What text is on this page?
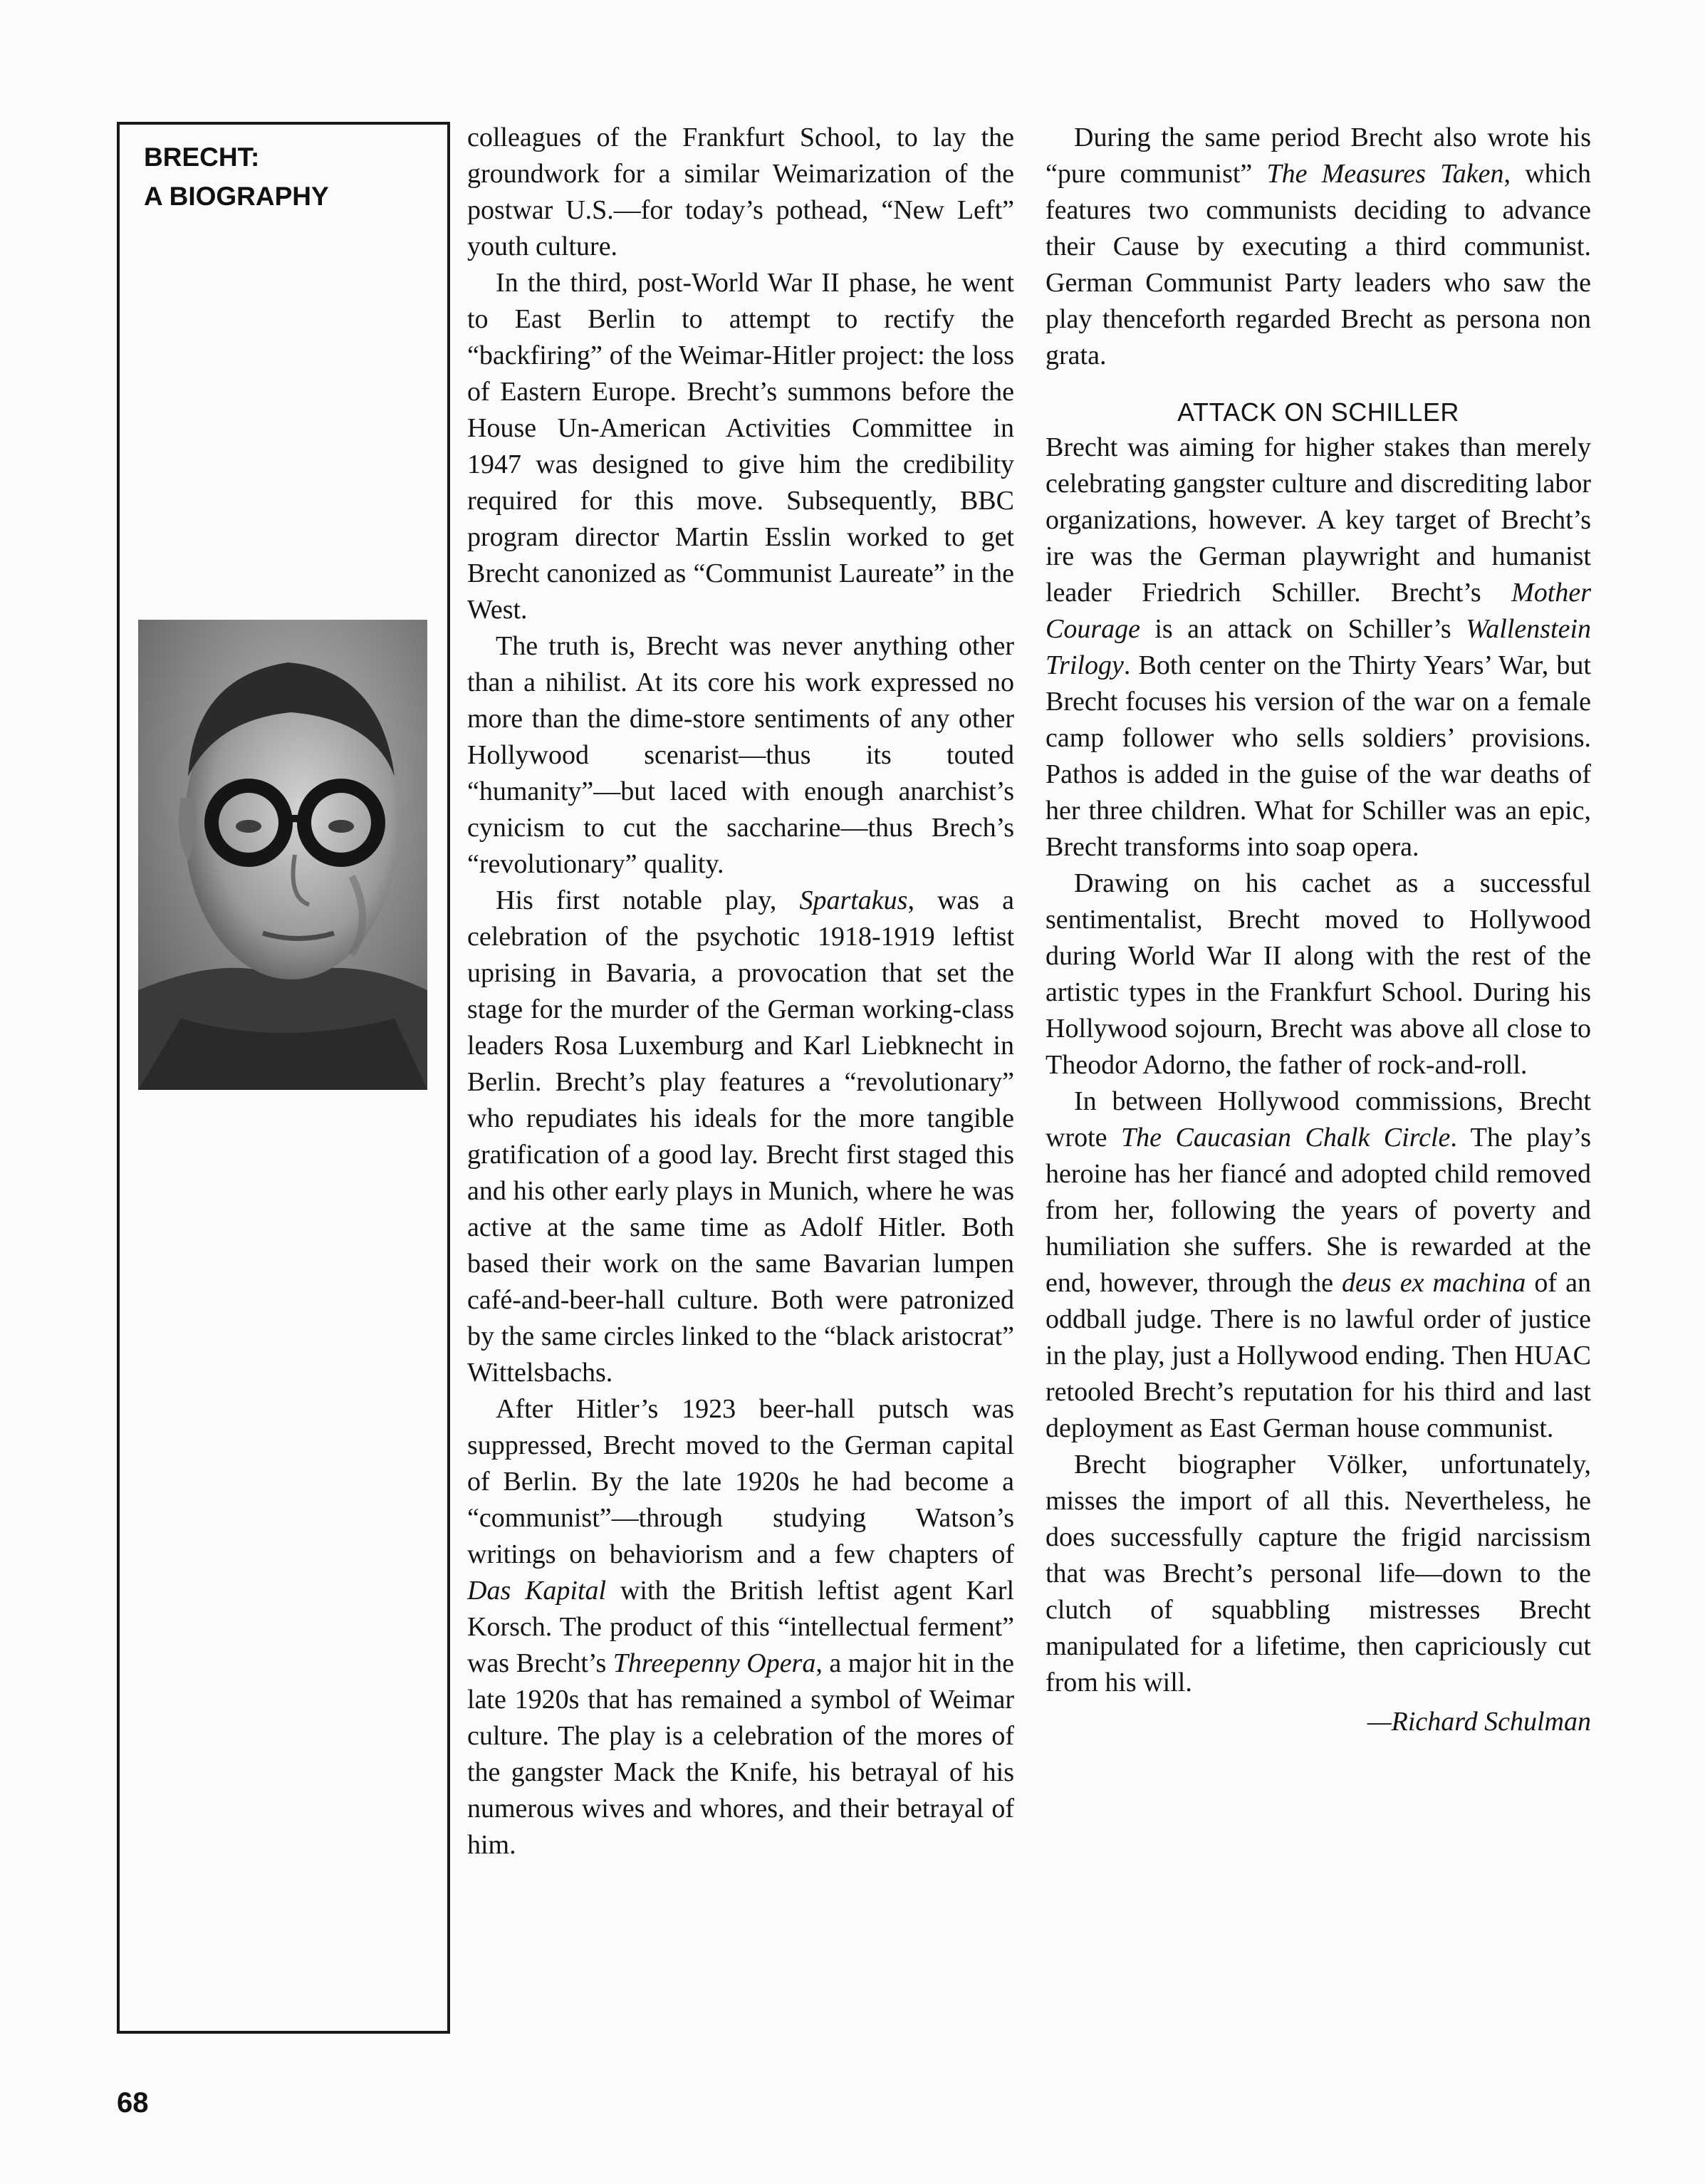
BRECHT:
A BIOGRAPHY

colleagues of the Frankfurt School, to lay the groundwork for a similar Weimarization of the postwar U.S.—for today’s pothead, “New Left” youth culture.

In the third, post-World War II phase, he went to East Berlin to attempt to rectify the “backfiring” of the Weimar-Hitler project: the loss of Eastern Europe. Brecht’s summons before the House Un-American Activities Committee in 1947 was designed to give him the credibility required for this move. Subsequently, BBC program director Martin Esslin worked to get Brecht canonized as “Communist Laureate” in the West.

The truth is, Brecht was never anything other than a nihilist. At its core his work expressed no more than the dime-store sentiments of any other Hollywood scenarist—thus its touted “humanity”—but laced with enough anarchist’s cynicism to cut the saccharine—thus Brech’s “revolutionary” quality.

His first notable play, Spartakus, was a celebration of the psychotic 1918-1919 leftist uprising in Bavaria, a provocation that set the stage for the murder of the German working-class leaders Rosa Luxemburg and Karl Liebknecht in Berlin. Brecht’s play features a “revolutionary” who repudiates his ideals for the more tangible gratification of a good lay. Brecht first staged this and his other early plays in Munich, where he was active at the same time as Adolf Hitler. Both based their work on the same Bavarian lumpen café-and-beer-hall culture. Both were patronized by the same circles linked to the “black aristocrat” Wittelsbachs.

After Hitler’s 1923 beer-hall putsch was suppressed, Brecht moved to the German capital of Berlin. By the late 1920s he had become a “communist”—through studying Watson’s writings on behaviorism and a few chapters of Das Kapital with the British leftist agent Karl Korsch. The product of this “intellectual ferment” was Brecht’s Threepenny Opera, a major hit in the late 1920s that has remained a symbol of Weimar culture. The play is a celebration of the mores of the gangster Mack the Knife, his betrayal of his numerous wives and whores, and their betrayal of him.

During the same period Brecht also wrote his “pure communist” The Measures Taken, which features two communists deciding to advance their Cause by executing a third communist. German Communist Party leaders who saw the play thenceforth regarded Brecht as persona non grata.

ATTACK ON SCHILLER

Brecht was aiming for higher stakes than merely celebrating gangster culture and discrediting labor organizations, however. A key target of Brecht’s ire was the German playwright and humanist leader Friedrich Schiller. Brecht’s Mother Courage is an attack on Schiller’s Wallenstein Trilogy. Both center on the Thirty Years’ War, but Brecht focuses his version of the war on a female camp follower who sells soldiers’ provisions. Pathos is added in the guise of the war deaths of her three children. What for Schiller was an epic, Brecht transforms into soap opera.

Drawing on his cachet as a successful sentimentalist, Brecht moved to Hollywood during World War II along with the rest of the artistic types in the Frankfurt School. During his Hollywood sojourn, Brecht was above all close to Theodor Adorno, the father of rock-and-roll.

In between Hollywood commissions, Brecht wrote The Caucasian Chalk Circle. The play’s heroine has her fiancé and adopted child removed from her, following the years of poverty and humiliation she suffers. She is rewarded at the end, however, through the deus ex machina of an oddball judge. There is no lawful order of justice in the play, just a Hollywood ending. Then HUAC retooled Brecht’s reputation for his third and last deployment as East German house communist.

Brecht biographer Völker, unfortunately, misses the import of all this. Nevertheless, he does successfully capture the frigid narcissism that was Brecht’s personal life—down to the clutch of squabbling mistresses Brecht manipulated for a lifetime, then capriciously cut from his will.

—Richard Schulman

68
